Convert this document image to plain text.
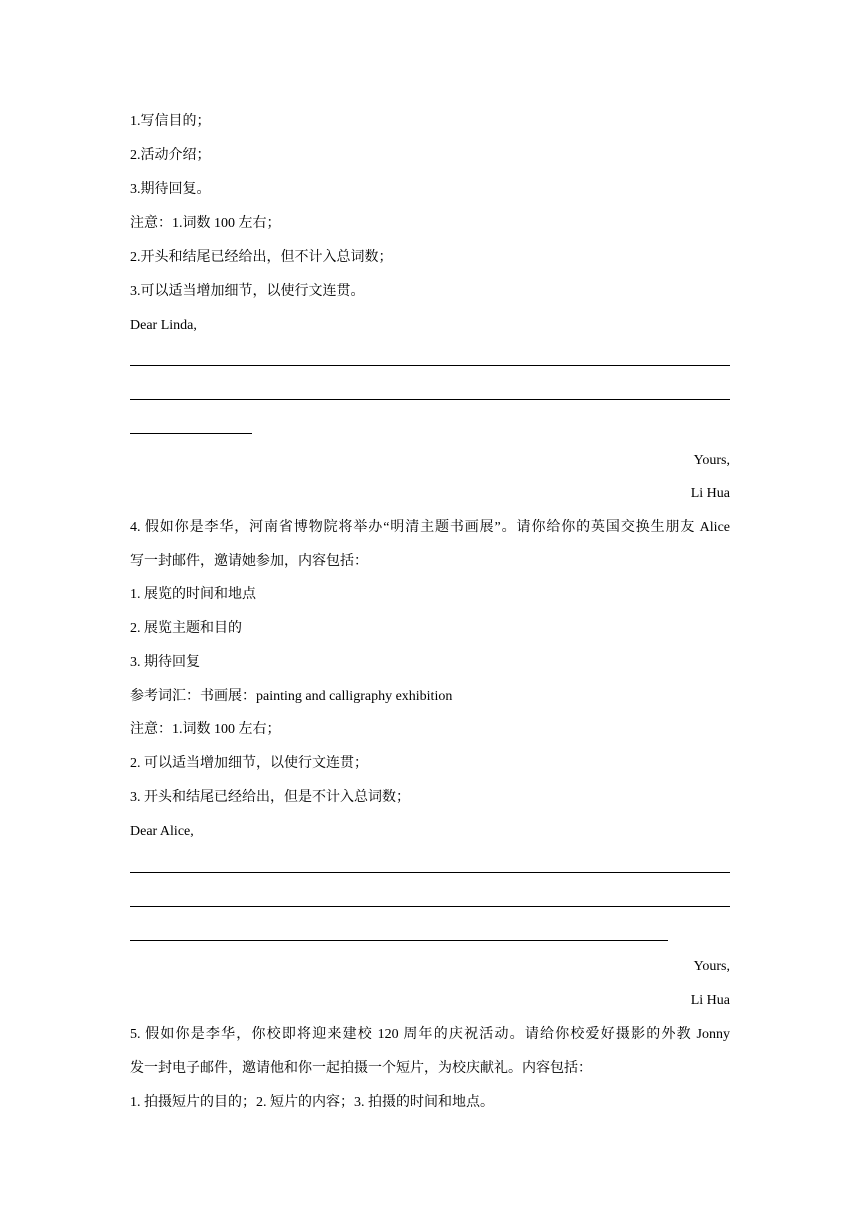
1.写信目的；
2.活动介绍；
3.期待回复。
注意：1.词数 100 左右；
2.开头和结尾已经给出，但不计入总词数；
3.可以适当增加细节，以使行文连贯。
Dear Linda,
Yours,
Li Hua
4. 假如你是李华，河南省博物院将举办“明清主题书画展”。请你给你的英国交换生朋友 Alice
写一封邮件，邀请她参加，内容包括：
1. 展览的时间和地点
2. 展览主题和目的
3. 期待回复
参考词汇：书画展：painting and calligraphy exhibition
注意：1.词数 100 左右；
2. 可以适当增加细节，以使行文连贯；
3. 开头和结尾已经给出，但是不计入总词数；
Dear Alice,
Yours,
Li Hua
5. 假如你是李华，你校即将迎来建校 120 周年的庆祝活动。请给你校爱好摄影的外教 Jonny
发一封电子邮件，邀请他和你一起拍摄一个短片，为校庆献礼。内容包括：
1. 拍摄短片的目的；2. 短片的内容；3. 拍摄的时间和地点。
